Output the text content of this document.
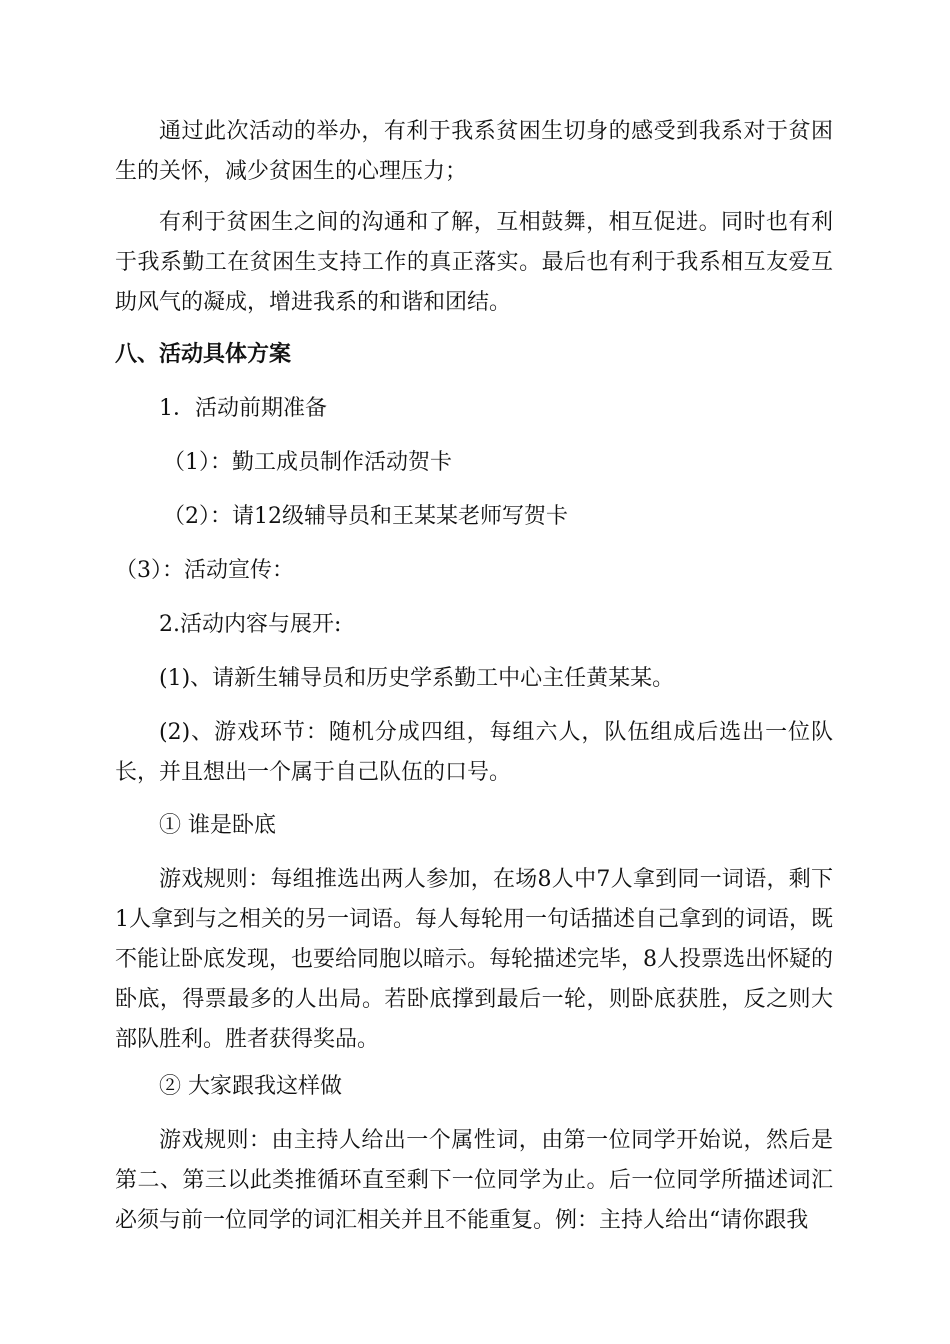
通过此次活动的举办，有利于我系贫困生切身的感受到我系对于贫困生的关怀，减少贫困生的心理压力；

有利于贫困生之间的沟通和了解，互相鼓舞，相互促进。同时也有利于我系勤工在贫困生支持工作的真正落实。最后也有利于我系相互友爱互助风气的凝成，增进我系的和谐和团结。

八、活动具体方案

1．活动前期准备

（1）：勤工成员制作活动贺卡

（2）：请12级辅导员和王某某老师写贺卡

（3）：活动宣传：

2.活动内容与展开:

(1)、请新生辅导员和历史学系勤工中心主任黄某某。

(2)、游戏环节：随机分成四组，每组六人，队伍组成后选出一位队长，并且想出一个属于自己队伍的口号。

① 谁是卧底

游戏规则：每组推选出两人参加，在场8人中7人拿到同一词语，剩下1人拿到与之相关的另一词语。每人每轮用一句话描述自己拿到的词语，既不能让卧底发现，也要给同胞以暗示。每轮描述完毕，8人投票选出怀疑的卧底，得票最多的人出局。若卧底撑到最后一轮，则卧底获胜，反之则大部队胜利。胜者获得奖品。

② 大家跟我这样做

游戏规则：由主持人给出一个属性词，由第一位同学开始说，然后是第二、第三以此类推循环直至剩下一位同学为止。后一位同学所描述词汇必须与前一位同学的词汇相关并且不能重复。例：主持人给出“请你跟我
